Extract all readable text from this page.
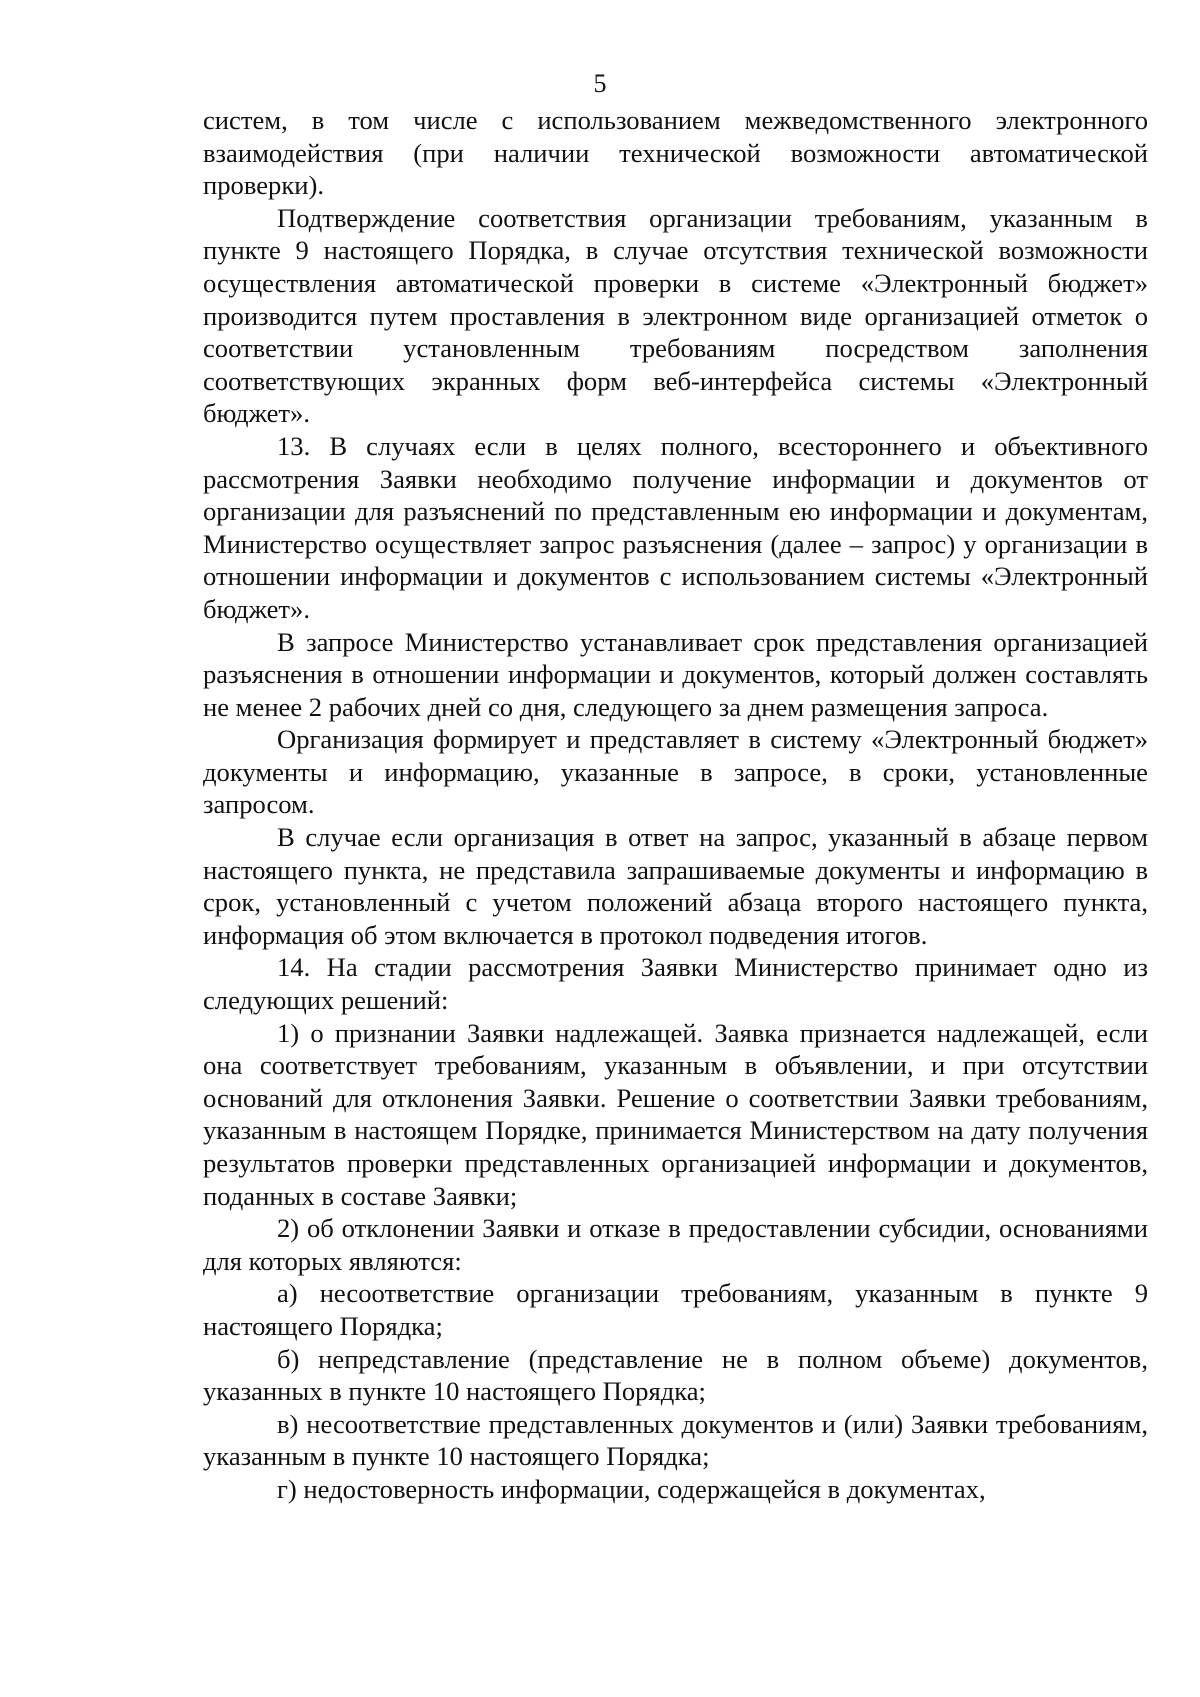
5

систем, в том числе с использованием межведомственного электронного взаимодействия (при наличии технической возможности автоматической проверки).

Подтверждение соответствия организации требованиям, указанным в пункте 9 настоящего Порядка, в случае отсутствия технической возможности осуществления автоматической проверки в системе «Электронный бюджет» производится путем проставления в электронном виде организацией отметок о соответствии установленным требованиям посредством заполнения соответствующих экранных форм веб-интерфейса системы «Электронный бюджет».

13. В случаях если в целях полного, всестороннего и объективного рассмотрения Заявки необходимо получение информации и документов от организации для разъяснений по представленным ею информации и документам, Министерство осуществляет запрос разъяснения (далее – запрос) у организации в отношении информации и документов с использованием системы «Электронный бюджет».

В запросе Министерство устанавливает срок представления организацией разъяснения в отношении информации и документов, который должен составлять не менее 2 рабочих дней со дня, следующего за днем размещения запроса.

Организация формирует и представляет в систему «Электронный бюджет» документы и информацию, указанные в запросе, в сроки, установленные запросом.

В случае если организация в ответ на запрос, указанный в абзаце первом настоящего пункта, не представила запрашиваемые документы и информацию в срок, установленный с учетом положений абзаца второго настоящего пункта, информация об этом включается в протокол подведения итогов.

14. На стадии рассмотрения Заявки Министерство принимает одно из следующих решений:

1) о признании Заявки надлежащей. Заявка признается надлежащей, если она соответствует требованиям, указанным в объявлении, и при отсутствии оснований для отклонения Заявки. Решение о соответствии Заявки требованиям, указанным в настоящем Порядке, принимается Министерством на дату получения результатов проверки представленных организацией информации и документов, поданных в составе Заявки;

2) об отклонении Заявки и отказе в предоставлении субсидии, основаниями для которых являются:

а) несоответствие организации требованиям, указанным в пункте 9 настоящего Порядка;

б) непредставление (представление не в полном объеме) документов, указанных в пункте 10 настоящего Порядка;

в) несоответствие представленных документов и (или) Заявки требованиям, указанным в пункте 10 настоящего Порядка;

г) недостоверность информации, содержащейся в документах,
